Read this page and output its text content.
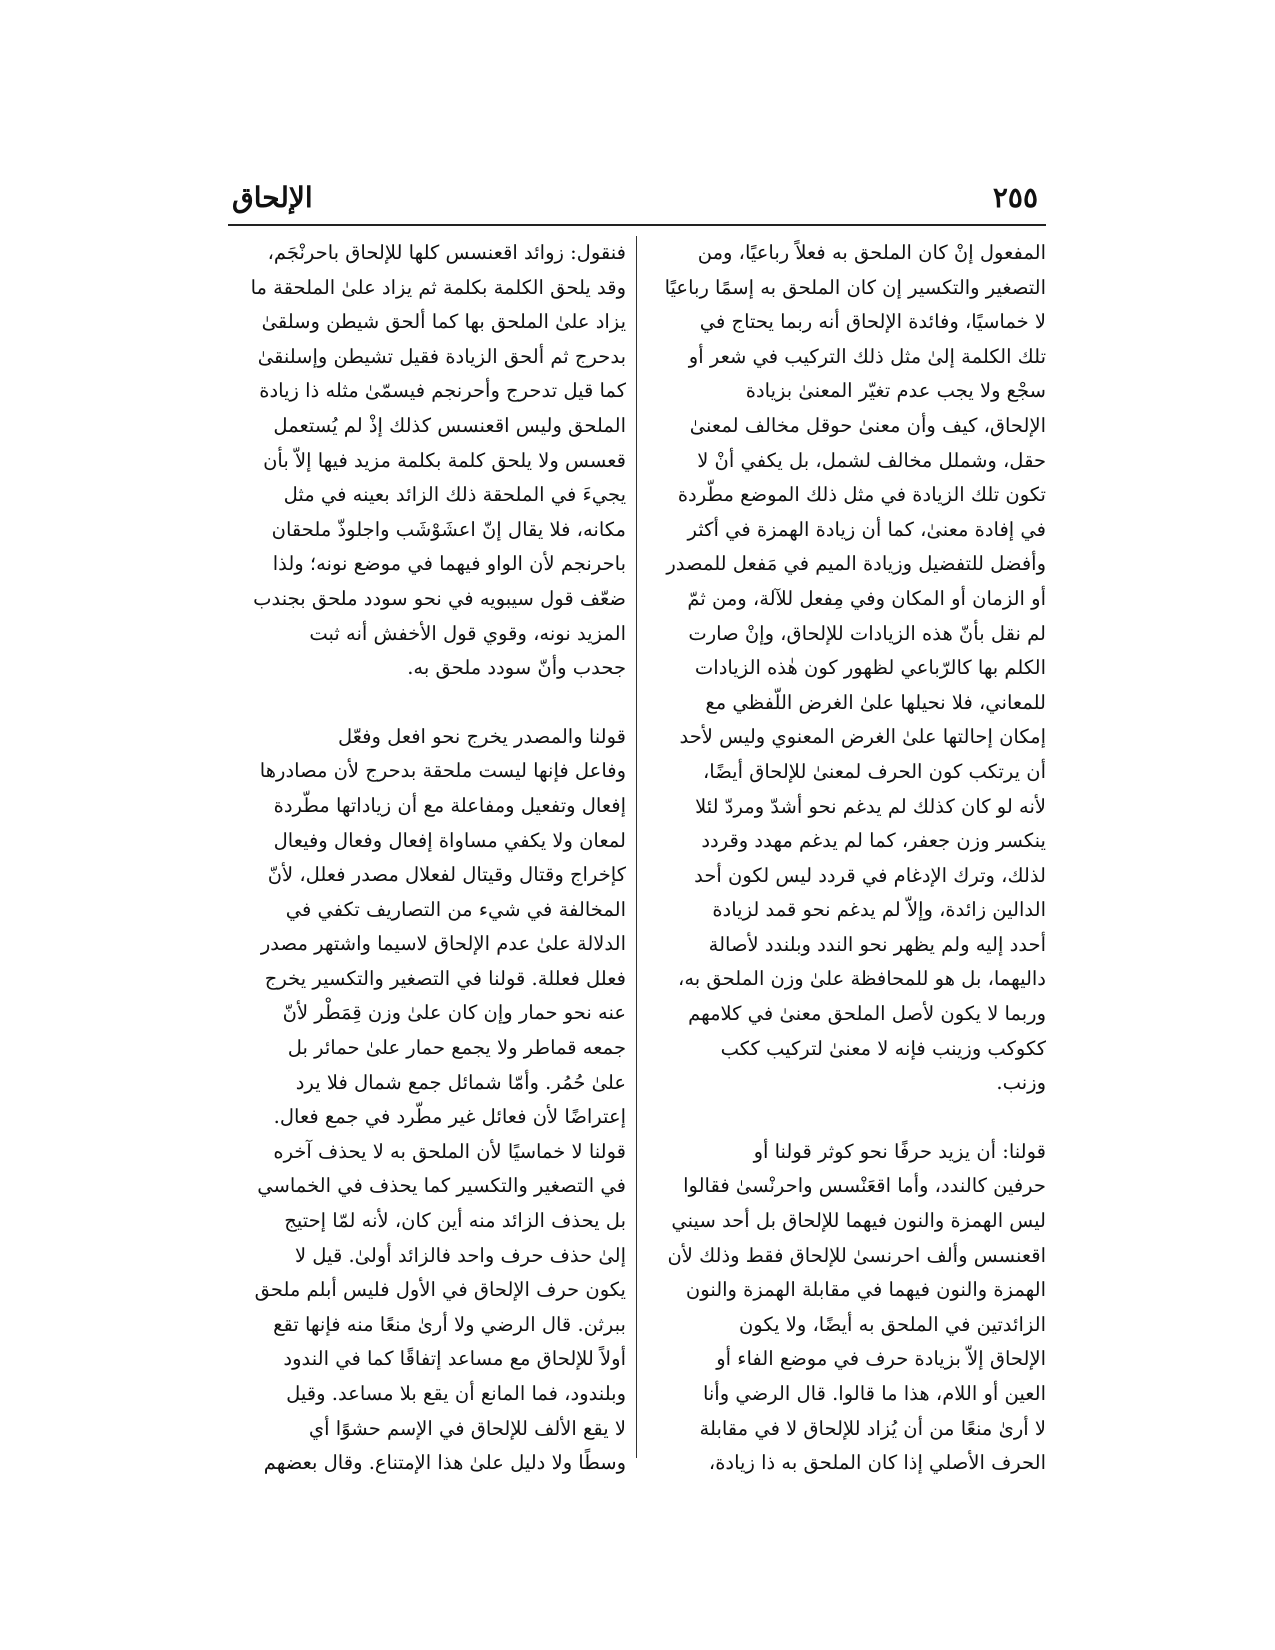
٢٥٥
الإلحاق
المفعول إنْ كان الملحق به فعلاً رباعيًا، ومن
التصغير والتكسير إن كان الملحق به إسمًا رباعيًا
لا خماسيًا، وفائدة الإلحاق أنه ربما يحتاج في
تلك الكلمة إلىٰ مثل ذلك التركيب في شعر أو
سجْع ولا يجب عدم تغيّر المعنىٰ بزيادة
الإلحاق، كيف وأن معنىٰ حوقل مخالف لمعنىٰ
حقل، وشملل مخالف لشمل، بل يكفي أنْ لا
تكون تلك الزيادة في مثل ذلك الموضع مطّردة
في إفادة معنىٰ، كما أن زيادة الهمزة في أكثر
وأفضل للتفضيل وزيادة الميم في مَفعل للمصدر
أو الزمان أو المكان وفي مِفعل للآلة، ومن ثمّ
لم نقل بأنّ هذه الزيادات للإلحاق، وإنْ صارت
الكلم بها كالرّباعي لظهور كون هٰذه الزيادات
للمعاني، فلا نحيلها علىٰ الغرض اللّفظي مع
إمكان إحالتها علىٰ الغرض المعنوي وليس لأحد
أن يرتكب كون الحرف لمعنىٰ للإلحاق أيضًا،
لأنه لو كان كذلك لم يدغم نحو أشدّ ومردّ لئلا
ينكسر وزن جعفر، كما لم يدغم مهدد وقردد
لذلك، وترك الإدغام في قردد ليس لكون أحد
الدالين زائدة، وإلاّ لم يدغم نحو قمد لزيادة
أحدد إليه ولم يظهر نحو الندد وبلندد لأصالة
داليهما، بل هو للمحافظة علىٰ وزن الملحق به،
وربما لا يكون لأصل الملحق معنىٰ في كلامهم
ككوكب وزينب فإنه لا معنىٰ لتركيب ككب
وزنب.
قولنا: أن يزيد حرفًا نحو كوثر قولنا أو
حرفين كالندد، وأما اقعَنْسس واحرنْسىٰ فقالوا
ليس الهمزة والنون فيهما للإلحاق بل أحد سيني
اقعنسس وألف احرنسىٰ للإلحاق فقط وذلك لأن
الهمزة والنون فيهما في مقابلة الهمزة والنون
الزائدتين في الملحق به أيضًا، ولا يكون
الإلحاق إلاّ بزيادة حرف في موضع الفاء أو
العين أو اللام، هذا ما قالوا. قال الرضي وأنا
لا أرىٰ منعًا من أن يُزاد للإلحاق لا في مقابلة
الحرف الأصلي إذا كان الملحق به ذا زيادة،
فنقول: زوائد اقعنسس كلها للإلحاق باحرنْجَم،
وقد يلحق الكلمة بكلمة ثم يزاد علىٰ الملحقة ما
يزاد علىٰ الملحق بها كما ألحق شيطن وسلقىٰ
بدحرج ثم ألحق الزيادة فقيل تشيطن وإسلنقىٰ
كما قيل تدحرج وأحرنجم فيسمّىٰ مثله ذا زيادة
الملحق وليس اقعنسس كذلك إذْ لم يُستعمل
قعسس ولا يلحق كلمة بكلمة مزيد فيها إلاّ بأن
يجيءَ في الملحقة ذلك الزائد بعينه في مثل
مكانه، فلا يقال إنّ اعشَوْشَب واجلوذّ ملحقان
باحرنجم لأن الواو فيهما في موضع نونه؛ ولذا
ضعّف قول سيبويه في نحو سودد ملحق بجندب
المزيد نونه، وقوي قول الأخفش أنه ثبت
جحدب وأنّ سودد ملحق به.
قولنا والمصدر يخرج نحو افعل وفعّل
وفاعل فإنها ليست ملحقة بدحرج لأن مصادرها
إفعال وتفعيل ومفاعلة مع أن زياداتها مطّردة
لمعان ولا يكفي مساواة إفعال وفعال وفيعال
كإخراج وقتال وقيتال لفعلال مصدر فعلل، لأنّ
المخالفة في شيء من التصاريف تكفي في
الدلالة علىٰ عدم الإلحاق لاسيما واشتهر مصدر
فعلل فعللة. قولنا في التصغير والتكسير يخرج
عنه نحو حمار وإن كان علىٰ وزن قِمَطْر لأنّ
جمعه قماطر ولا يجمع حمار علىٰ حمائر بل
علىٰ حُمُر. وأمّا شمائل جمع شمال فلا يرد
إعتراضًا لأن فعائل غير مطّرد في جمع فعال.
قولنا لا خماسيًا لأن الملحق به لا يحذف آخره
في التصغير والتكسير كما يحذف في الخماسي
بل يحذف الزائد منه أين كان، لأنه لمّا إحتيج
إلىٰ حذف حرف واحد فالزائد أولىٰ. قيل لا
يكون حرف الإلحاق في الأول فليس أبلم ملحق
ببرثن. قال الرضي ولا أرىٰ منعًا منه فإنها تقع
أولاً للإلحاق مع مساعد إتفاقًا كما في الندود
وبلندود، فما المانع أن يقع بلا مساعد. وقيل
لا يقع الألف للإلحاق في الإسم حشوًا أي
وسطًا ولا دليل علىٰ هذا الإمتناع. وقال بعضهم
